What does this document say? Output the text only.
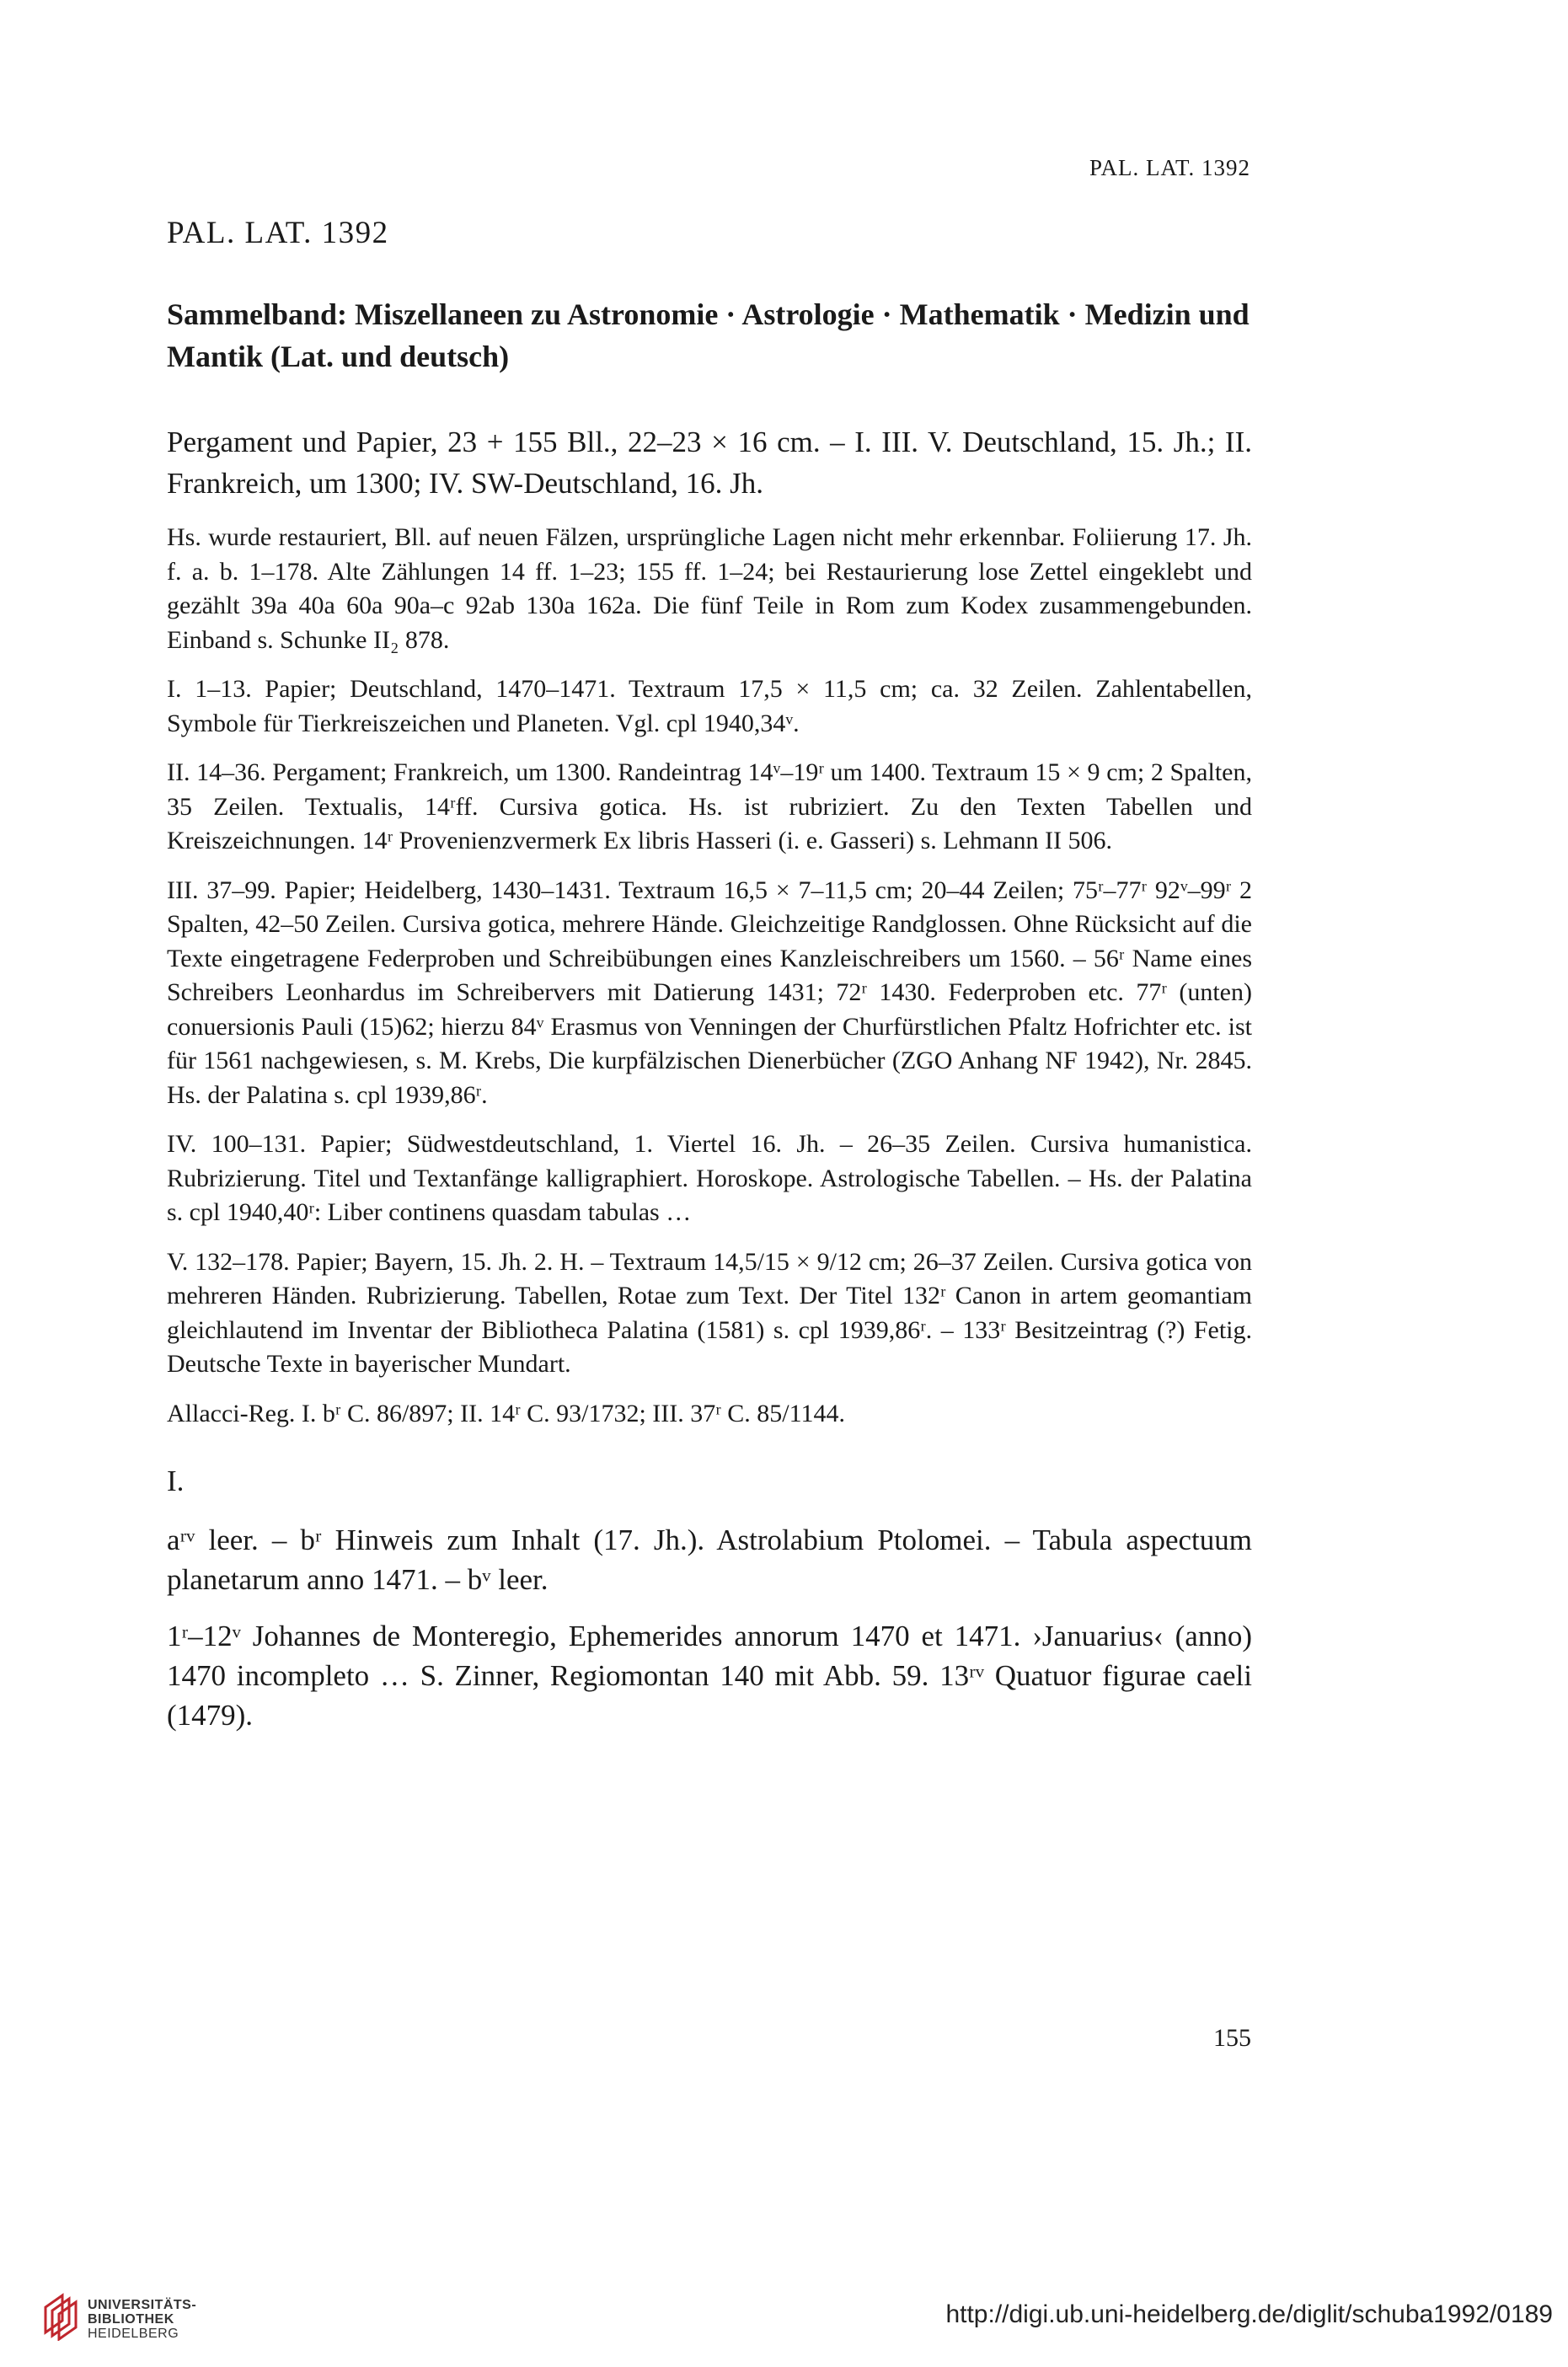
PAL. LAT. 1392
PAL. LAT. 1392
Sammelband: Miszellaneen zu Astronomie · Astrologie · Mathematik · Medizin und Mantik (Lat. und deutsch)

Pergament und Papier, 23 + 155 Bll., 22–23 × 16 cm. – I. III. V. Deutschland, 15. Jh.; II. Frankreich, um 1300; IV. SW-Deutschland, 16. Jh.

Hs. wurde restauriert, Bll. auf neuen Fälzen, ursprüngliche Lagen nicht mehr erkennbar. Foliierung 17. Jh. f. a. b. 1–178. Alte Zählungen 14 ff. 1–23; 155 ff. 1–24; bei Restaurierung lose Zettel eingeklebt und gezählt 39a 40a 60a 90a–c 92ab 130a 162a. Die fünf Teile in Rom zum Kodex zusammengebunden. Einband s. Schunke II₂ 878.

I. 1–13. Papier; Deutschland, 1470–1471. Textraum 17,5 × 11,5 cm; ca. 32 Zeilen. Zahlentabellen, Symbole für Tierkreiszeichen und Planeten. Vgl. cpl 1940,34ᵛ.

II. 14–36. Pergament; Frankreich, um 1300. Randeintrag 14ᵛ–19ʳ um 1400. Textraum 15 × 9 cm; 2 Spalten, 35 Zeilen. Textualis, 14ʳff. Cursiva gotica. Hs. ist rubriziert. Zu den Texten Tabellen und Kreiszeichnungen. 14ʳ Provenienzvermerk Ex libris Hasseri (i. e. Gasseri) s. Lehmann II 506.

III. 37–99. Papier; Heidelberg, 1430–1431. Textraum 16,5 × 7–11,5 cm; 20–44 Zeilen; 75ʳ–77ʳ 92ᵛ–99ʳ 2 Spalten, 42–50 Zeilen. Cursiva gotica, mehrere Hände. Gleichzeitige Randglossen. Ohne Rücksicht auf die Texte eingetragene Federproben und Schreibübungen eines Kanzleischreibers um 1560. – 56ʳ Name eines Schreibers Leonhardus im Schreibervers mit Datierung 1431; 72ʳ 1430. Federproben etc. 77ʳ (unten) conuersionis Pauli (15)62; hierzu 84ᵛ Erasmus von Venningen der Churfürstlichen Pfaltz Hofrichter etc. ist für 1561 nachgewiesen, s. M. Krebs, Die kurpfälzischen Dienerbücher (ZGO Anhang NF 1942), Nr. 2845. Hs. der Palatina s. cpl 1939,86ʳ.

IV. 100–131. Papier; Südwestdeutschland, 1. Viertel 16. Jh. – 26–35 Zeilen. Cursiva humanistica. Rubrizierung. Titel und Textanfänge kalligraphiert. Horoskope. Astrologische Tabellen. – Hs. der Palatina s. cpl 1940,40ʳ: Liber continens quasdam tabulas …

V. 132–178. Papier; Bayern, 15. Jh. 2. H. – Textraum 14,5/15 × 9/12 cm; 26–37 Zeilen. Cursiva gotica von mehreren Händen. Rubrizierung. Tabellen, Rotae zum Text. Der Titel 132ʳ Canon in artem geomantiam gleichlautend im Inventar der Bibliotheca Palatina (1581) s. cpl 1939,86ʳ. – 133ʳ Besitzeintrag (?) Fetig. Deutsche Texte in bayerischer Mundart.

Allacci-Reg. I. bʳ C. 86/897; II. 14ʳ C. 93/1732; III. 37ʳ C. 85/1144.

I.

aʳᵛ leer. – bʳ Hinweis zum Inhalt (17. Jh.). Astrolabium Ptolomei. – Tabula aspectuum planetarum anno 1471. – bᵛ leer.

1ʳ–12ᵛ Johannes de Monteregio, Ephemerides annorum 1470 et 1471. ›Januarius‹ (anno) 1470 incompleto … S. Zinner, Regiomontan 140 mit Abb. 59. 13ʳᵛ Quatuor figurae caeli (1479).

155
UNIVERSITÄTS-
BIBLIOTHEK
HEIDELBERG
http://digi.ub.uni-heidelberg.de/diglit/schuba1992/0189
